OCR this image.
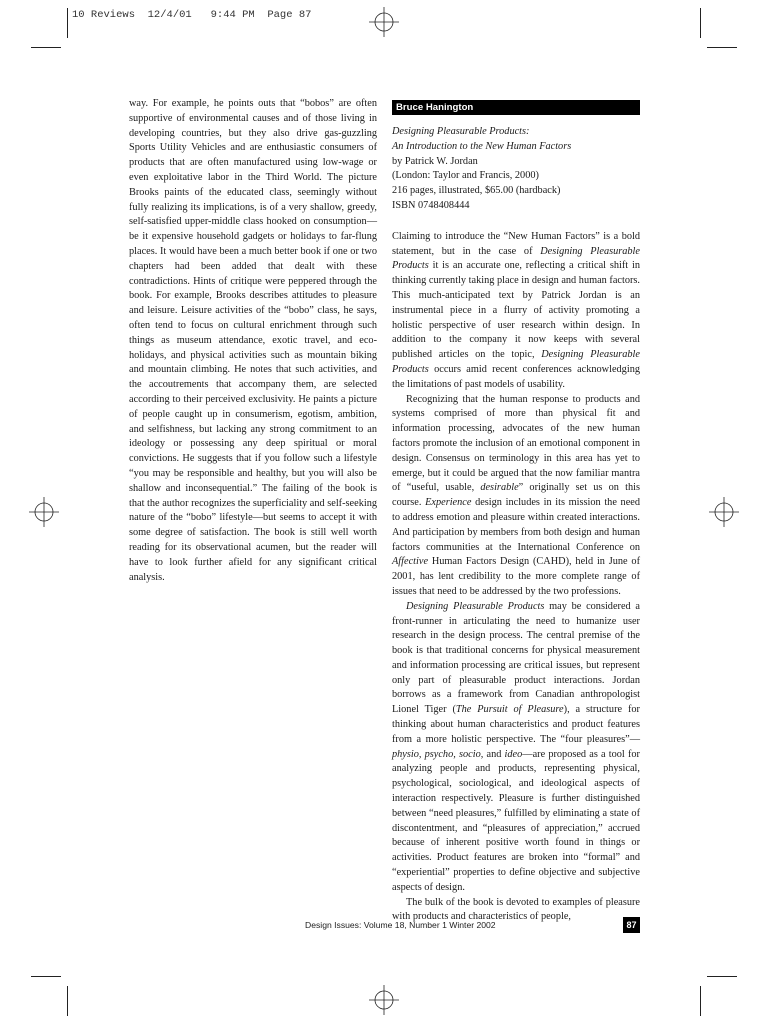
10 Reviews  12/4/01   9:44 PM  Page 87

way. For example, he points outs that “bobos” are often supportive of environmental causes and of those living in developing countries, but they also drive gas-guzzling Sports Utility Vehicles and are enthusiastic consumers of products that are often manufactured using low-wage or even exploitative labor in the Third World. The picture Brooks paints of the educated class, seemingly without fully realizing its implications, is of a very shallow, greedy, self-satisfied upper-middle class hooked on consumption—be it expensive household gadgets or holidays to far-flung places. It would have been a much better book if one or two chapters had been added that dealt with these contradictions. Hints of critique were peppered through the book. For example, Brooks describes attitudes to pleasure and leisure. Leisure activities of the “bobo” class, he says, often tend to focus on cultural enrichment through such things as museum attendance, exotic travel, and eco-holidays, and physical activities such as mountain biking and mountain climbing. He notes that such activities, and the accoutrements that accompany them, are selected according to their perceived exclusivity. He paints a picture of people caught up in consumerism, egotism, ambition, and selfishness, but lacking any strong commitment to an ideology or possessing any deep spiritual or moral convictions. He suggests that if you follow such a lifestyle “you may be responsible and healthy, but you will also be shallow and inconsequential.” The failing of the book is that the author recognizes the superficiality and self-seeking nature of the “bobo” lifestyle—but seems to accept it with some degree of satisfaction. The book is still well worth reading for its observational acumen, but the reader will have to look further afield for any significant critical analysis.

Bruce Hanington
Designing Pleasurable Products:
An Introduction to the New Human Factors
by Patrick W. Jordan
(London: Taylor and Francis, 2000)
216 pages, illustrated, $65.00 (hardback)
ISBN 0748408444

Claiming to introduce the “New Human Factors” is a bold statement, but in the case of Designing Pleasurable Products it is an accurate one, reflecting a critical shift in thinking currently taking place in design and human factors. This much-anticipated text by Patrick Jordan is an instrumental piece in a flurry of activity promoting a holistic perspective of user research within design. In addition to the company it now keeps with several published articles on the topic, Designing Pleasurable Products occurs amid recent conferences acknowledging the limitations of past models of usability.

Recognizing that the human response to products and systems comprised of more than physical fit and information processing, advocates of the new human factors promote the inclusion of an emotional component in design. Consensus on terminology in this area has yet to emerge, but it could be argued that the now familiar mantra of “useful, usable, desirable” originally set us on this course. Experience design includes in its mission the need to address emotion and pleasure within created interactions. And participation by members from both design and human factors communities at the International Conference on Affective Human Factors Design (CAHD), held in June of 2001, has lent credibility to the more complete range of issues that need to be addressed by the two professions.

Designing Pleasurable Products may be considered a front-runner in articulating the need to humanize user research in the design process. The central premise of the book is that traditional concerns for physical measurement and information processing are critical issues, but represent only part of pleasurable product interactions. Jordan borrows as a framework from Canadian anthropologist Lionel Tiger (The Pursuit of Pleasure), a structure for thinking about human characteristics and product features from a more holistic perspective. The “four pleasures”—physio, psycho, socio, and ideo—are proposed as a tool for analyzing people and products, representing physical, psychological, sociological, and ideological aspects of interaction respectively. Pleasure is further distinguished between “need pleasures,” fulfilled by eliminating a state of discontentment, and “pleasures of appreciation,” accrued because of inherent positive worth found in things or activities. Product features are broken into “formal” and “experiential” properties to define objective and subjective aspects of design.

The bulk of the book is devoted to examples of pleasure with products and characteristics of people,

Design Issues: Volume 18, Number 1 Winter 2002	87
